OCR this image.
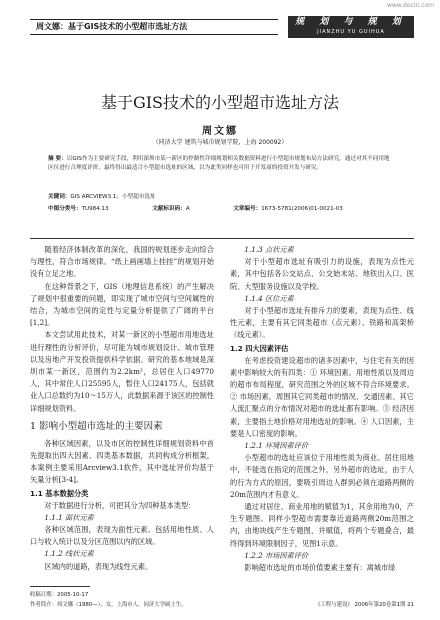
www.docin.com
周文娜：基于GIS技术的小型超市选址方法	规 划 与 规 划
JIANZHU YU GUIHUA
基于GIS技术的小型超市选址方法
周文娜
（同济大学 建筑与城市规划学院，上海 200092）
摘 要：以GIS作为主要研究手段，利用深圳市某一新区的控制性详细规划相关数据资料进行小型超市规划布局方法研究。通过对其不同用地区位进行合理度评价，最终得出最适合小型超市选址的区域，以为此类同样也可用于开发商的投资开发与研究。
关键词：GIS ARCVIEW3.1；小型超市选址
中图分类号：TU984.13	文献标识码：A	文章编号：1673-5781(2006)01-0021-03

随着经济体制改革的深化，我国的规划逐步走向综合与理性，符合市场规律。“纸上画画墙上挂挂”的规划开始没有立足之地。

在这种背景之下，GIS（地理信息系统）的产生解决了规划中很重要的问题，即实现了城市空间与空间属性的结合，为城市空间的定性与定量分析提供了广阔的平台[1,2]。

本文尝试用此技术，对某一新区的小型超市用地选址进行理性的分析评价，尽可能为城市规划设计、城市管理以及房地产开发投资提供科学依据。研究的基本地域是深圳市某一新区，范围约为2.2km²，总居住人口49770人，其中常住人口25595人，暂住人口24175人，包括就业人口总数约为10～15万人，此数据来源于该区的控制性详细规划资料。

1 影响小型超市选址的主要因素

各种区域因素，以及市区的控制性详细规划资料中首先提取出四大因素、四类基本数据，共同构成分析框架，本案例主要采用Arcview3.1软件，其中选址评价均基于矢量分析[3-4]。

1.1 基本数据分类

对于数据进行分析，可把其分为四种基本类型：

1.1.1 面状元素

各种区域范围，表现为面性元素。包括用地性质、人口与收入统计以及分区范围以内的区域。

1.1.2 线状元素

区域内的道路，表现为线性元素。

1.1.3 点状元素

对于小型超市选址有吸引力的设施，表现为点性元素，其中包括各公交站点、公交始末站、地铁出入口、医院、大型服务设施以及学校。

1.1.4 区位元素

对于小型超市选址有排斥力的要素，表现为点性、线性元素，主要有其它同类超市（点元素）、铁路和高架桥（线元素）。

1.2 四大因素评估

在考虑投资建设超市的诸多因素中，与住宅有关的因素中影响较大的有四类：① 环境因素。用地性质以及周边的超市布局程度，研究范围之外的区域不符合环境要求。② 市场因素，周围其它同类超市的情况、交通因素、其它人流汇聚点的分布情况对超市的选址都有影响。③ 经济因素，主要指土地价格对用地选址的影响。④ 人口因素，主要是人口密度的影响。

1.2.1 环境因素评价

小型超市的选址应该位于用地性质为商业、居住用地中，不能选在指定的范围之外，另外超市的选址，由于人的行为方式的原因，要吸引周边人群到必须在道路两侧的20m范围内才有意义。

通过对居住、商业用地的赋值为1，其余用地为0，产生专题图。同样小型超市需要靠近道路两侧20m范围之内，由地块线产生专题图，并赋值，将两个专题叠合，最终得到环境限制因子，见图1示意。

1.2.2 市场因素评价

影响超市选址的市场价值要素主要有：离城市绿

收稿日期：2005-10-17
作者简介：周文娜（1980—），女，上海市人，同济大学硕士生。	《工程与建设》 2006年第20卷第1期 21
